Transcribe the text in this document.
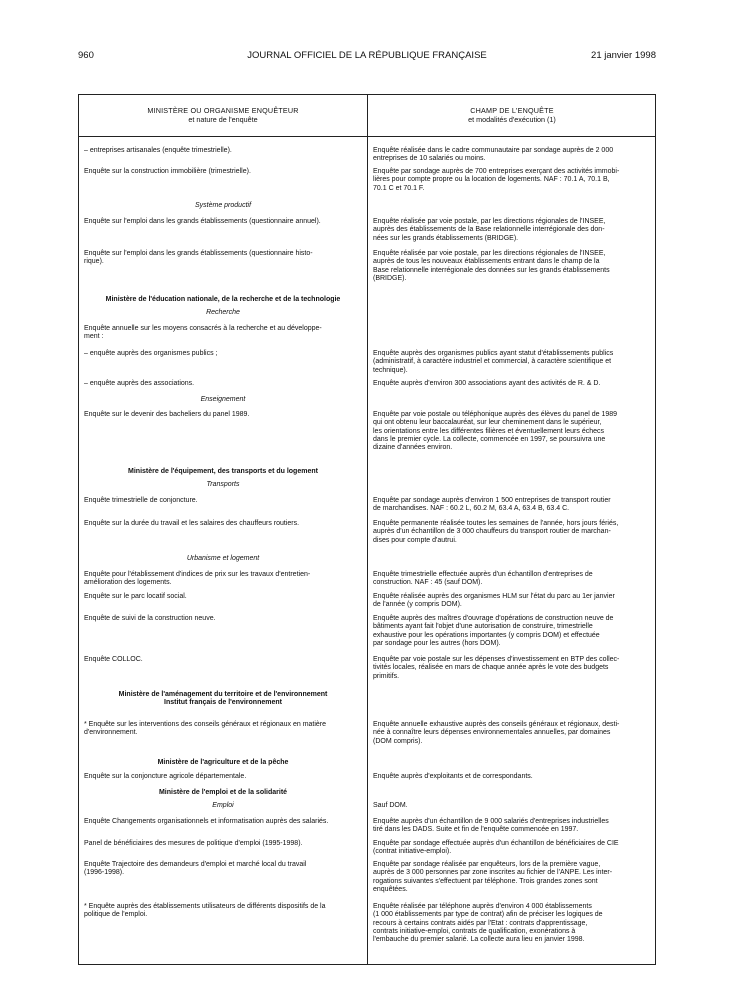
960	JOURNAL OFFICIEL DE LA RÉPUBLIQUE FRANÇAISE	21 janvier 1998
MINISTÈRE OU ORGANISME ENQUÊTEUR
et nature de l'enquête
CHAMP DE L'ENQUÊTE
et modalités d'exécution (1)
– entreprises artisanales (enquête trimestrielle).
Enquête sur la construction immobilière (trimestrielle).
Système productif
Enquête sur l'emploi dans les grands établissements (questionnaire annuel).
Enquête sur l'emploi dans les grands établissements (questionnaire histo-
rique).
Ministère de l'éducation nationale, de la recherche et de la technologie
Recherche
Enquête annuelle sur les moyens consacrés à la recherche et au développe-
ment :
– enquête auprès des organismes publics ;
– enquête auprès des associations.
Enseignement
Enquête sur le devenir des bacheliers du panel 1989.
Ministère de l'équipement, des transports et du logement
Transports
Enquête trimestrielle de conjoncture.
Enquête sur la durée du travail et les salaires des chauffeurs routiers.
Urbanisme et logement
Enquête pour l'établissement d'indices de prix sur les travaux d'entretien-
amélioration des logements.
Enquête sur le parc locatif social.
Enquête de suivi de la construction neuve.
Enquête COLLOC.
Ministère de l'aménagement du territoire et de l'environnement
Institut français de l'environnement
* Enquête sur les interventions des conseils généraux et régionaux en matière
d'environnement.
Ministère de l'agriculture et de la pêche
Enquête sur la conjoncture agricole départementale.
Ministère de l'emploi et de la solidarité
Emploi
Enquête Changements organisationnels et informatisation auprès des salariés.
Panel de bénéficiaires des mesures de politique d'emploi (1995-1998).
Enquête Trajectoire des demandeurs d'emploi et marché local du travail
(1996-1998).
* Enquête auprès des établissements utilisateurs de différents dispositifs de la
politique de l'emploi.
Enquête réalisée dans le cadre communautaire par sondage auprès de 2 000
entreprises de 10 salariés ou moins.
Enquête par sondage auprès de 700 entreprises exerçant des activités immobi-
lières pour compte propre ou la location de logements. NAF : 70.1 A, 70.1 B,
70.1 C et 70.1 F.
Enquête réalisée par voie postale, par les directions régionales de l'INSEE,
auprès des établissements de la Base relationnelle interrégionale des don-
nées sur les grands établissements (BRIDGE).
Enquête réalisée par voie postale, par les directions régionales de l'INSEE,
auprès de tous les nouveaux établissements entrant dans le champ de la
Base relationnelle interrégionale des données sur les grands établissements
(BRIDGE).
Enquête auprès des organismes publics ayant statut d'établissements publics
(administratif, à caractère industriel et commercial, à caractère scientifique et
technique).
Enquête auprès d'environ 300 associations ayant des activités de R. & D.
Enquête par voie postale ou téléphonique auprès des élèves du panel de 1989
qui ont obtenu leur baccalauréat, sur leur cheminement dans le supérieur,
les orientations entre les différentes filières et éventuellement leurs échecs
dans le premier cycle. La collecte, commencée en 1997, se poursuivra une
dizaine d'années environ.
Enquête par sondage auprès d'environ 1 500 entreprises de transport routier
de marchandises. NAF : 60.2 L, 60.2 M, 63.4 A, 63.4 B, 63.4 C.
Enquête permanente réalisée toutes les semaines de l'année, hors jours fériés,
auprès d'un échantillon de 3 000 chauffeurs du transport routier de marchan-
dises pour compte d'autrui.
Enquête trimestrielle effectuée auprès d'un échantillon d'entreprises de
construction. NAF : 45 (sauf DOM).
Enquête réalisée auprès des organismes HLM sur l'état du parc au 1er janvier
de l'année (y compris DOM).
Enquête auprès des maîtres d'ouvrage d'opérations de construction neuve de
bâtiments ayant fait l'objet d'une autorisation de construire, trimestrielle
exhaustive pour les opérations importantes (y compris DOM) et effectuée
par sondage pour les autres (hors DOM).
Enquête par voie postale sur les dépenses d'investissement en BTP des collec-
tivités locales, réalisée en mars de chaque année après le vote des budgets
primitifs.
Enquête annuelle exhaustive auprès des conseils généraux et régionaux, desti-
née à connaître leurs dépenses environnementales annuelles, par domaines
(DOM compris).
Enquête auprès d'exploitants et de correspondants.
Sauf DOM.
Enquête auprès d'un échantillon de 9 000 salariés d'entreprises industrielles
tiré dans les DADS. Suite et fin de l'enquête commencée en 1997.
Enquête par sondage effectuée auprès d'un échantillon de bénéficiaires de CIE
(contrat initiative-emploi).
Enquête par sondage réalisée par enquêteurs, lors de la première vague,
auprès de 3 000 personnes par zone inscrites au fichier de l'ANPE. Les inter-
rogations suivantes s'effectuent par téléphone. Trois grandes zones sont
enquêtées.
Enquête réalisée par téléphone auprès d'environ 4 000 établissements
(1 000 établissements par type de contrat) afin de préciser les logiques de
recours à certains contrats aidés par l'Etat : contrats d'apprentissage,
contrats initiative-emploi, contrats de qualification, exonérations à
l'embauche du premier salarié. La collecte aura lieu en janvier 1998.
